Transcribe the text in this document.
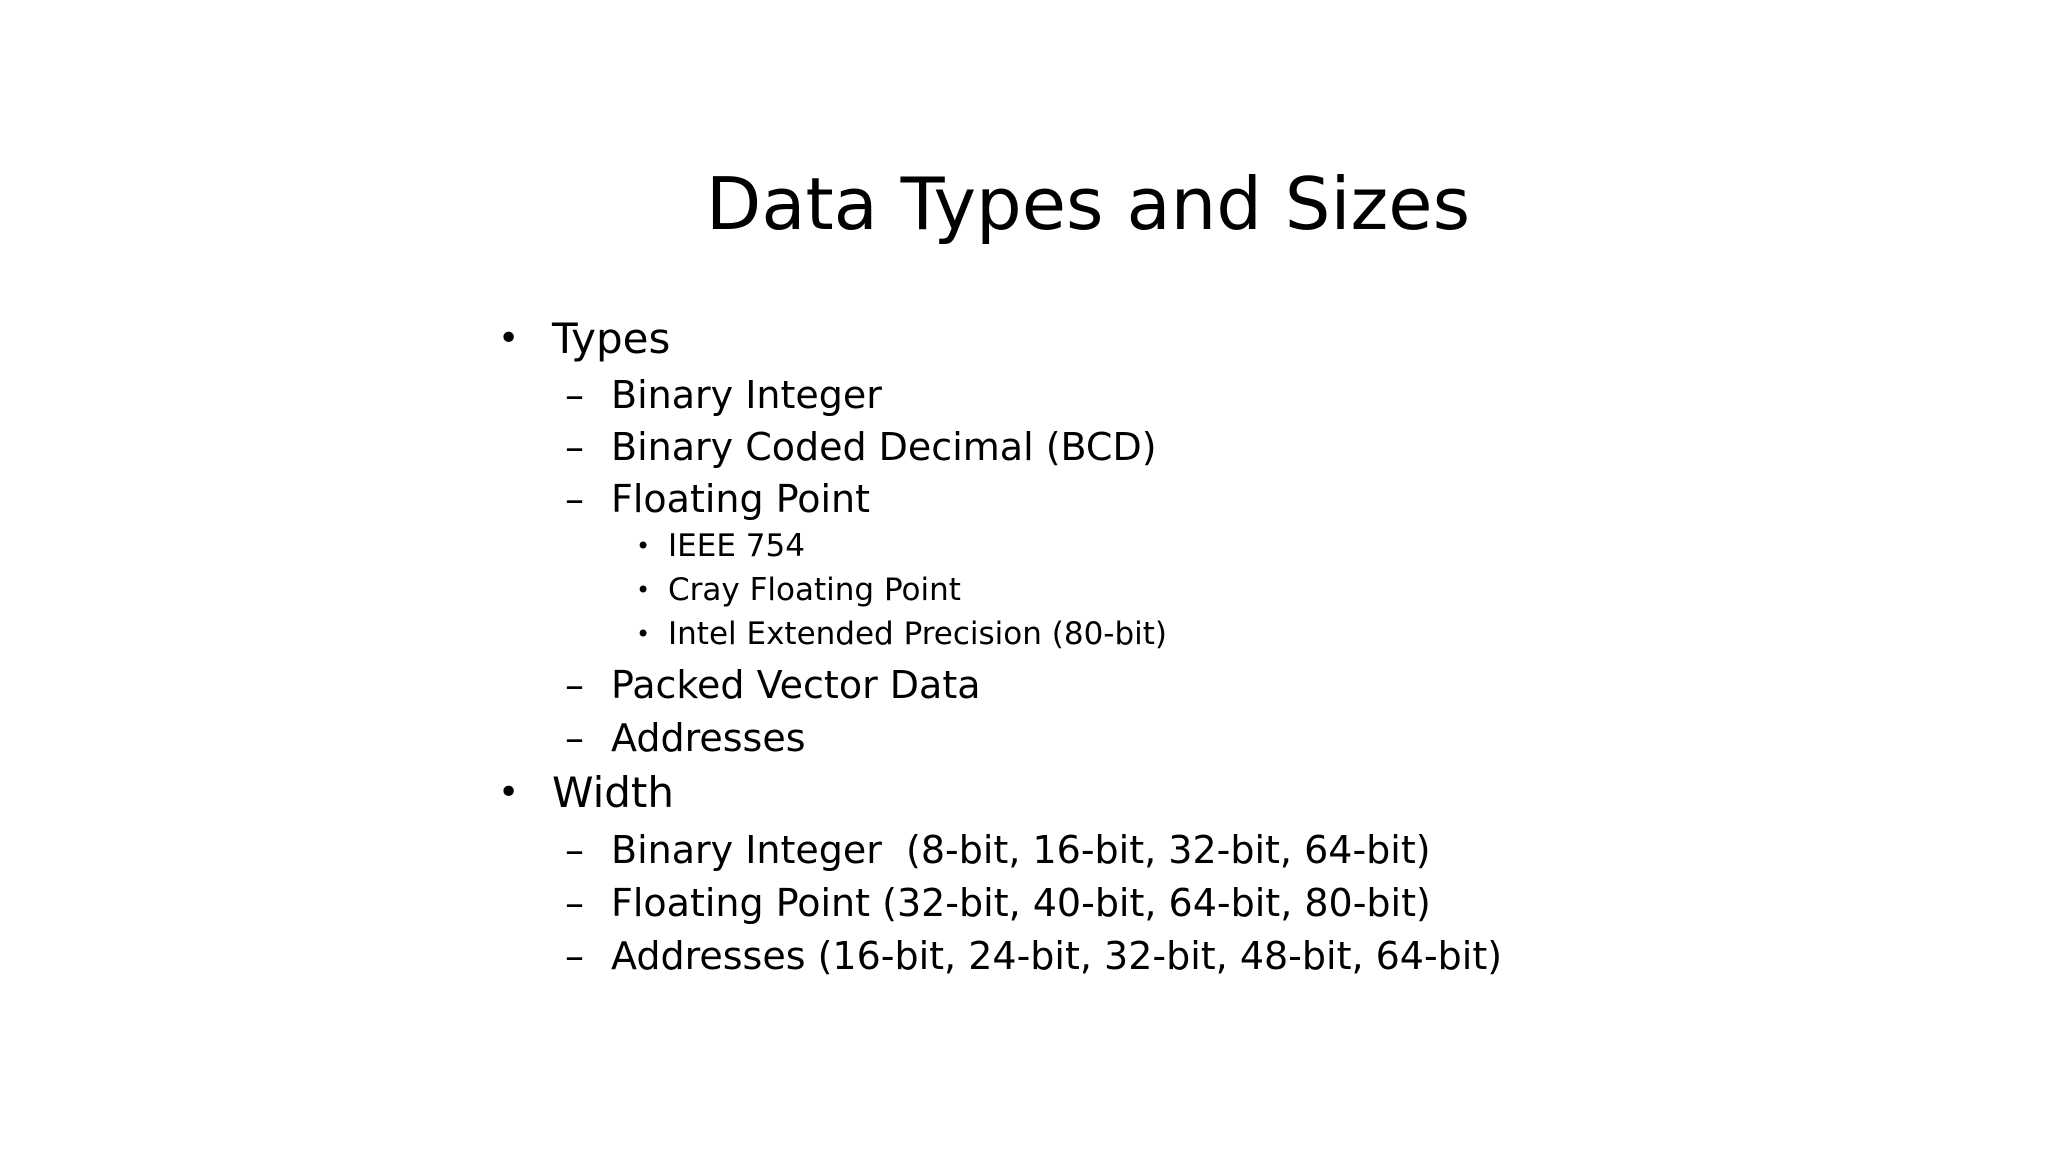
Data Types and Sizes
• Types
– Binary Integer
– Binary Coded Decimal (BCD)
– Floating Point
• IEEE 754
• Cray Floating Point
• Intel Extended Precision (80-bit)
– Packed Vector Data
– Addresses
• Width
– Binary Integer  (8-bit, 16-bit, 32-bit, 64-bit)
– Floating Point (32-bit, 40-bit, 64-bit, 80-bit)
– Addresses (16-bit, 24-bit, 32-bit, 48-bit, 64-bit)
